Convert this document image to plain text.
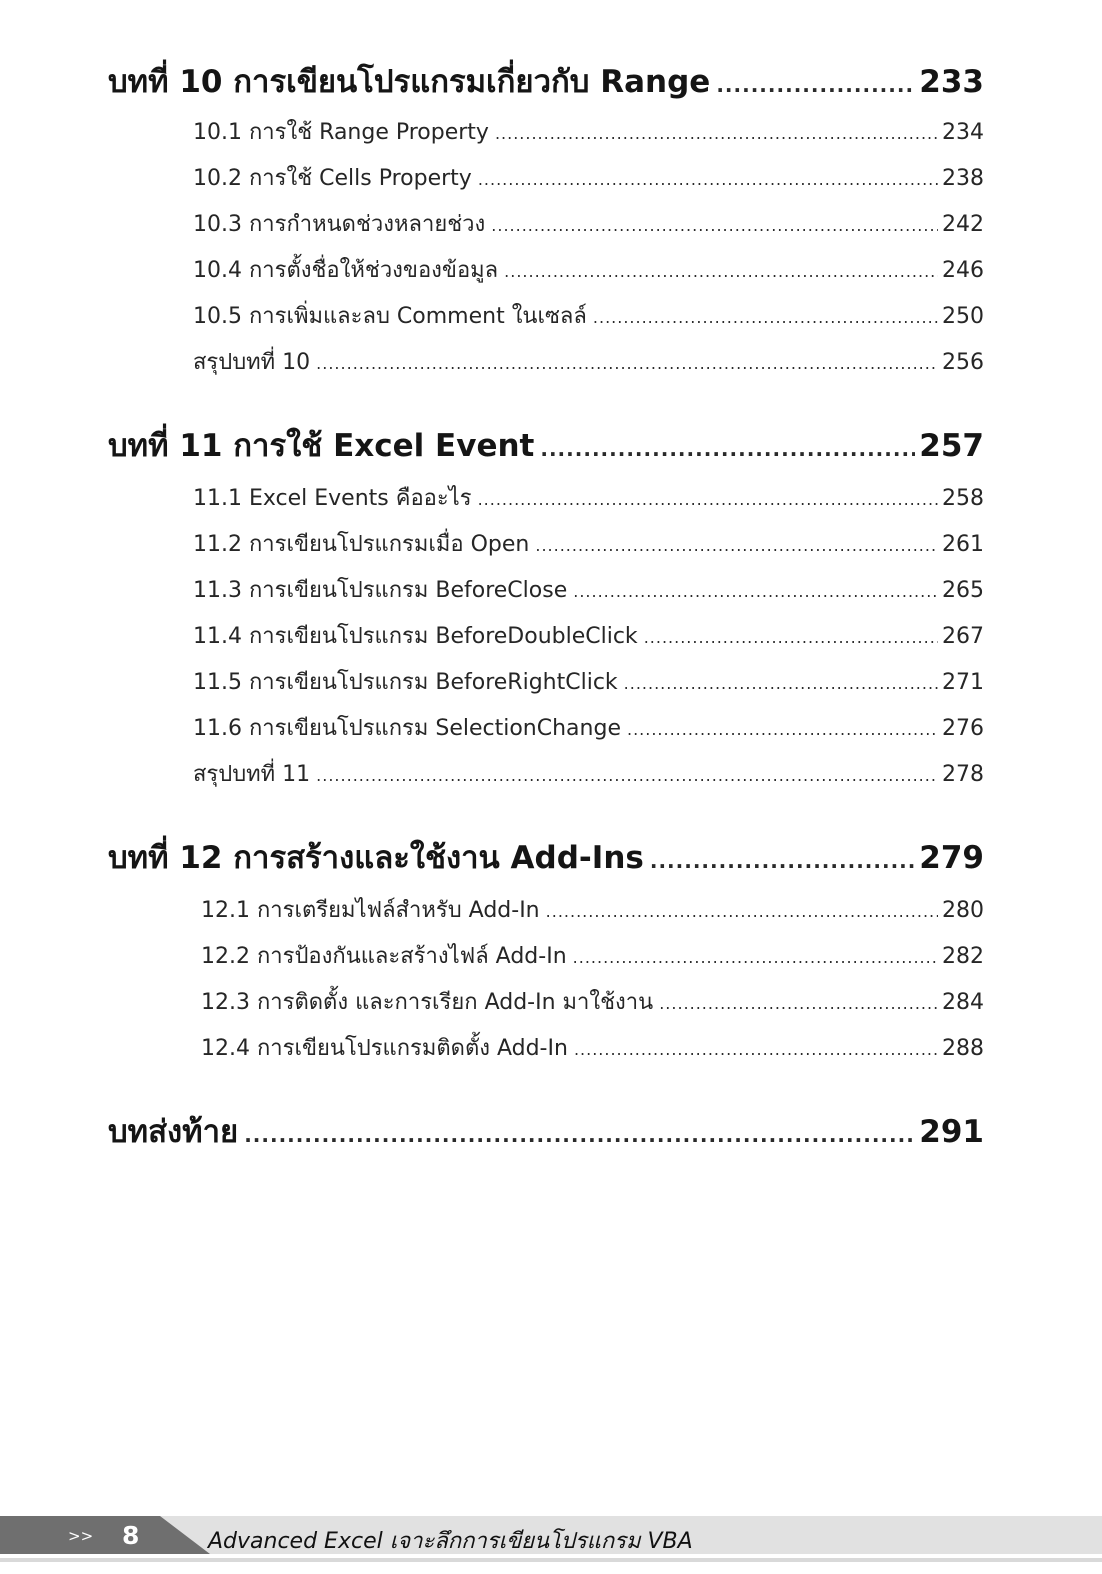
บทที่ 10 การเขียนโปรแกรมเกี่ยวกับ Range .....	233
10.1 การใช้ Range Property .....	234
10.2 การใช้ Cells Property .....	238
10.3 การกำหนดช่วงหลายช่วง .....	242
10.4 การตั้งชื่อให้ช่วงของข้อมูล .....	246
10.5 การเพิ่มและลบ Comment ในเซลล์ .....	250
สรุปบทที่ 10 .....	256
บทที่ 11 การใช้ Excel Event .....	257
11.1 Excel Events คืออะไร .....	258
11.2 การเขียนโปรแกรมเมื่อ Open .....	261
11.3 การเขียนโปรแกรม BeforeClose .....	265
11.4 การเขียนโปรแกรม BeforeDoubleClick .....	267
11.5 การเขียนโปรแกรม BeforeRightClick .....	271
11.6 การเขียนโปรแกรม SelectionChange .....	276
สรุปบทที่ 11 .....	278
บทที่ 12 การสร้างและใช้งาน Add-Ins .....	279
12.1 การเตรียมไฟล์สำหรับ Add-In .....	280
12.2 การป้องกันและสร้างไฟล์ Add-In .....	282
12.3 การติดตั้ง และการเรียก Add-In มาใช้งาน .....	284
12.4 การเขียนโปรแกรมติดตั้ง Add-In .....	288
บทส่งท้าย .....	291
>> 8	Advanced Excel เจาะลึกการเขียนโปรแกรม VBA
